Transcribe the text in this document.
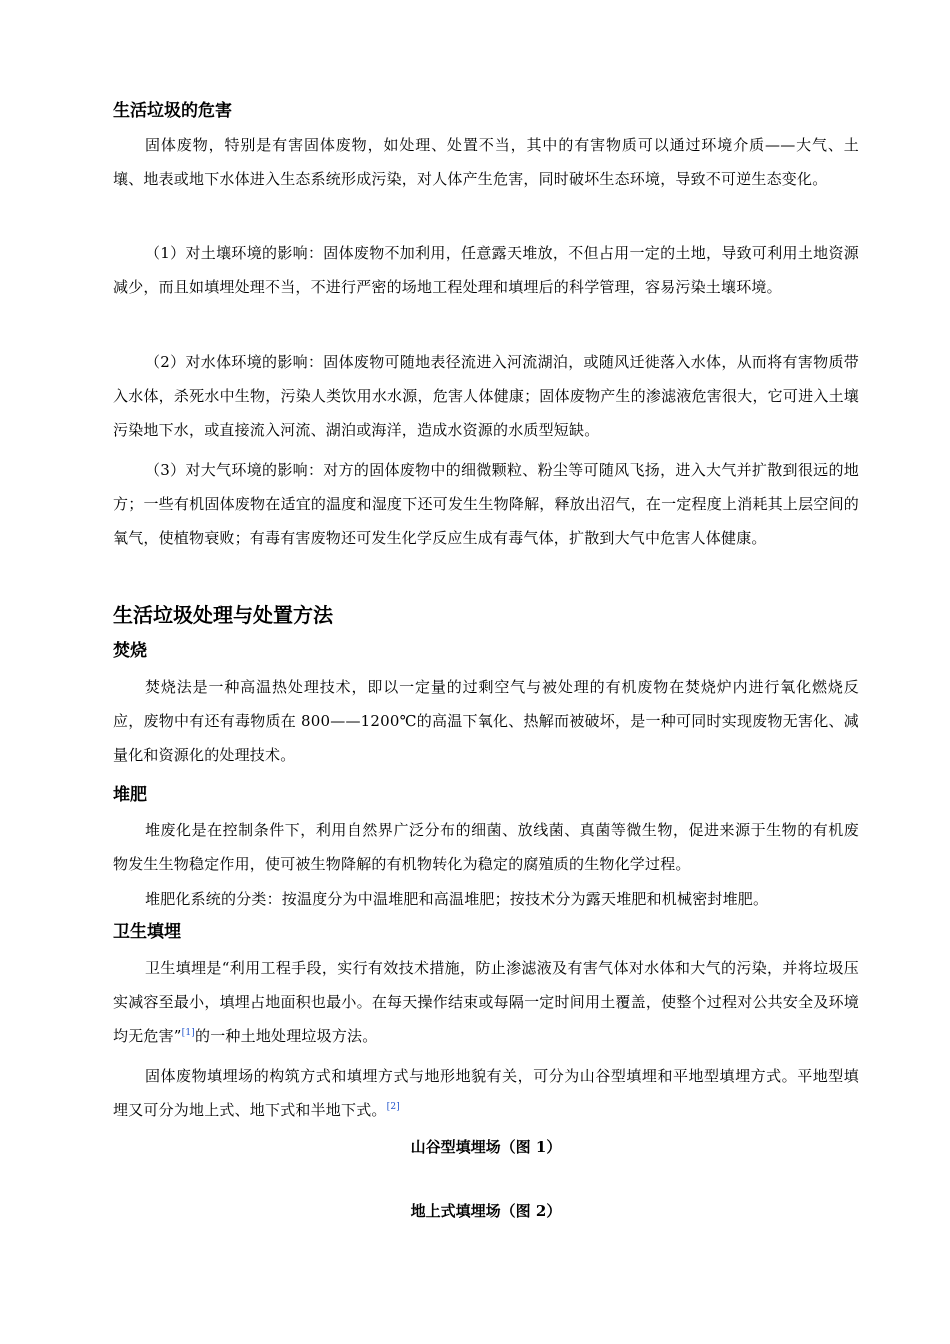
生活垃圾的危害

固体废物，特别是有害固体废物，如处理、处置不当，其中的有害物质可以通过环境介质——大气、土壤、地表或地下水体进入生态系统形成污染，对人体产生危害，同时破坏生态环境，导致不可逆生态变化。

（1）对土壤环境的影响：固体废物不加利用，任意露天堆放，不但占用一定的土地，导致可利用土地资源减少，而且如填埋处理不当，不进行严密的场地工程处理和填埋后的科学管理，容易污染土壤环境。

（2）对水体环境的影响：固体废物可随地表径流进入河流湖泊，或随风迁徙落入水体，从而将有害物质带入水体，杀死水中生物，污染人类饮用水水源，危害人体健康；固体废物产生的渗滤液危害很大，它可进入土壤污染地下水，或直接流入河流、湖泊或海洋，造成水资源的水质型短缺。

（3）对大气环境的影响：对方的固体废物中的细微颗粒、粉尘等可随风飞扬，进入大气并扩散到很远的地方；一些有机固体废物在适宜的温度和湿度下还可发生生物降解，释放出沼气，在一定程度上消耗其上层空间的氧气，使植物衰败；有毒有害废物还可发生化学反应生成有毒气体，扩散到大气中危害人体健康。

生活垃圾处理与处置方法
焚烧

焚烧法是一种高温热处理技术，即以一定量的过剩空气与被处理的有机废物在焚烧炉内进行氧化燃烧反应，废物中有还有毒物质在 800——1200℃的高温下氧化、热解而被破坏，是一种可同时实现废物无害化、减量化和资源化的处理技术。

堆肥

堆废化是在控制条件下，利用自然界广泛分布的细菌、放线菌、真菌等微生物，促进来源于生物的有机废物发生生物稳定作用，使可被生物降解的有机物转化为稳定的腐殖质的生物化学过程。

堆肥化系统的分类：按温度分为中温堆肥和高温堆肥；按技术分为露天堆肥和机械密封堆肥。

卫生填埋

卫生填埋是“利用工程手段，实行有效技术措施，防止渗滤液及有害气体对水体和大气的污染，并将垃圾压实减容至最小，填埋占地面积也最小。在每天操作结束或每隔一定时间用土覆盖，使整个过程对公共安全及环境均无危害”[1]的一种土地处理垃圾方法。

固体废物填埋场的构筑方式和填埋方式与地形地貌有关，可分为山谷型填埋和平地型填埋方式。平地型填埋又可分为地上式、地下式和半地下式。[2]

山谷型填埋场（图 1）
地上式填埋场（图 2）
